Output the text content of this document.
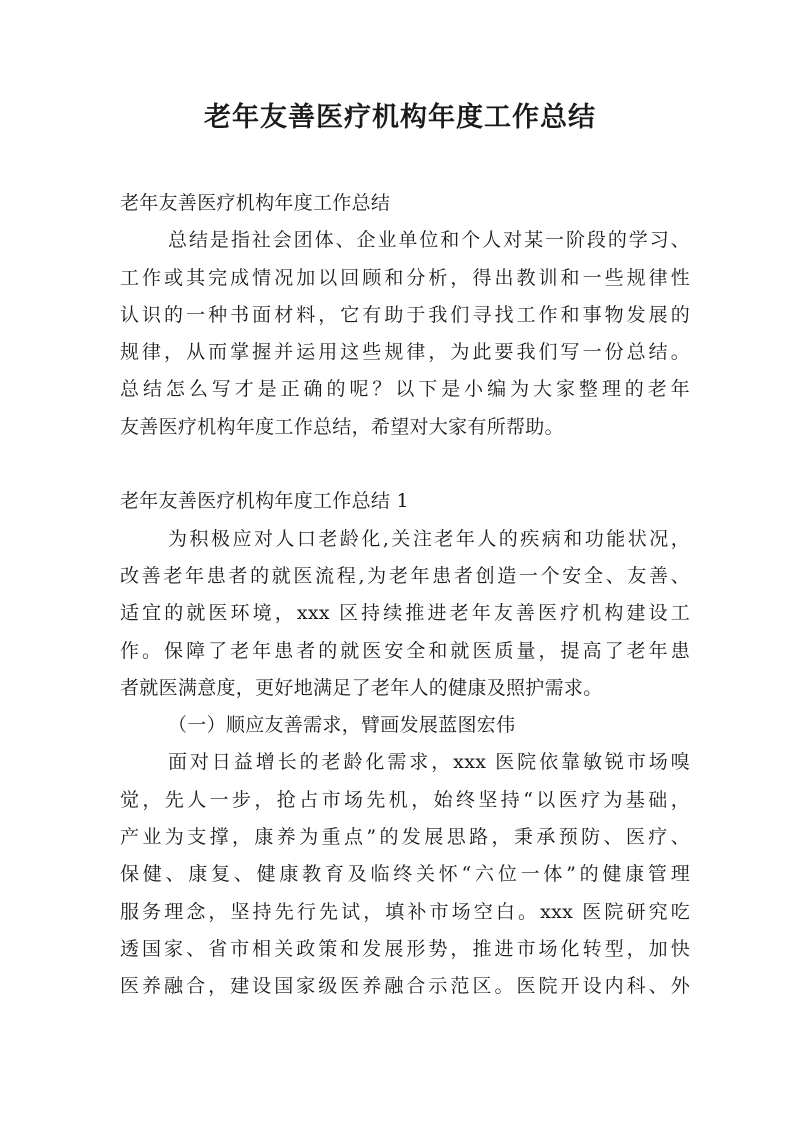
老年友善医疗机构年度工作总结
老年友善医疗机构年度工作总结
总结是指社会团体、企业单位和个人对某一阶段的学习、
工作或其完成情况加以回顾和分析，得出教训和一些规律性
认识的一种书面材料，它有助于我们寻找工作和事物发展的
规律，从而掌握并运用这些规律，为此要我们写一份总结。
总结怎么写才是正确的呢？以下是小编为大家整理的老年
友善医疗机构年度工作总结，希望对大家有所帮助。
老年友善医疗机构年度工作总结 1
为积极应对人口老龄化,关注老年人的疾病和功能状况，
改善老年患者的就医流程,为老年患者创造一个安全、友善、
适宜的就医环境，xxx 区持续推进老年友善医疗机构建设工
作。保障了老年患者的就医安全和就医质量，提高了老年患
者就医满意度，更好地满足了老年人的健康及照护需求。
（一）顺应友善需求，臂画发展蓝图宏伟
面对日益增长的老龄化需求，xxx 医院依靠敏锐市场嗅
觉，先人一步，抢占市场先机，始终坚持“以医疗为基础，
产业为支撑，康养为重点”的发展思路，秉承预防、医疗、
保健、康复、健康教育及临终关怀“六位一体”的健康管理
服务理念，坚持先行先试，填补市场空白。xxx 医院研究吃
透国家、省市相关政策和发展形势，推进市场化转型，加快
医养融合，建设国家级医养融合示范区。医院开设内科、外
